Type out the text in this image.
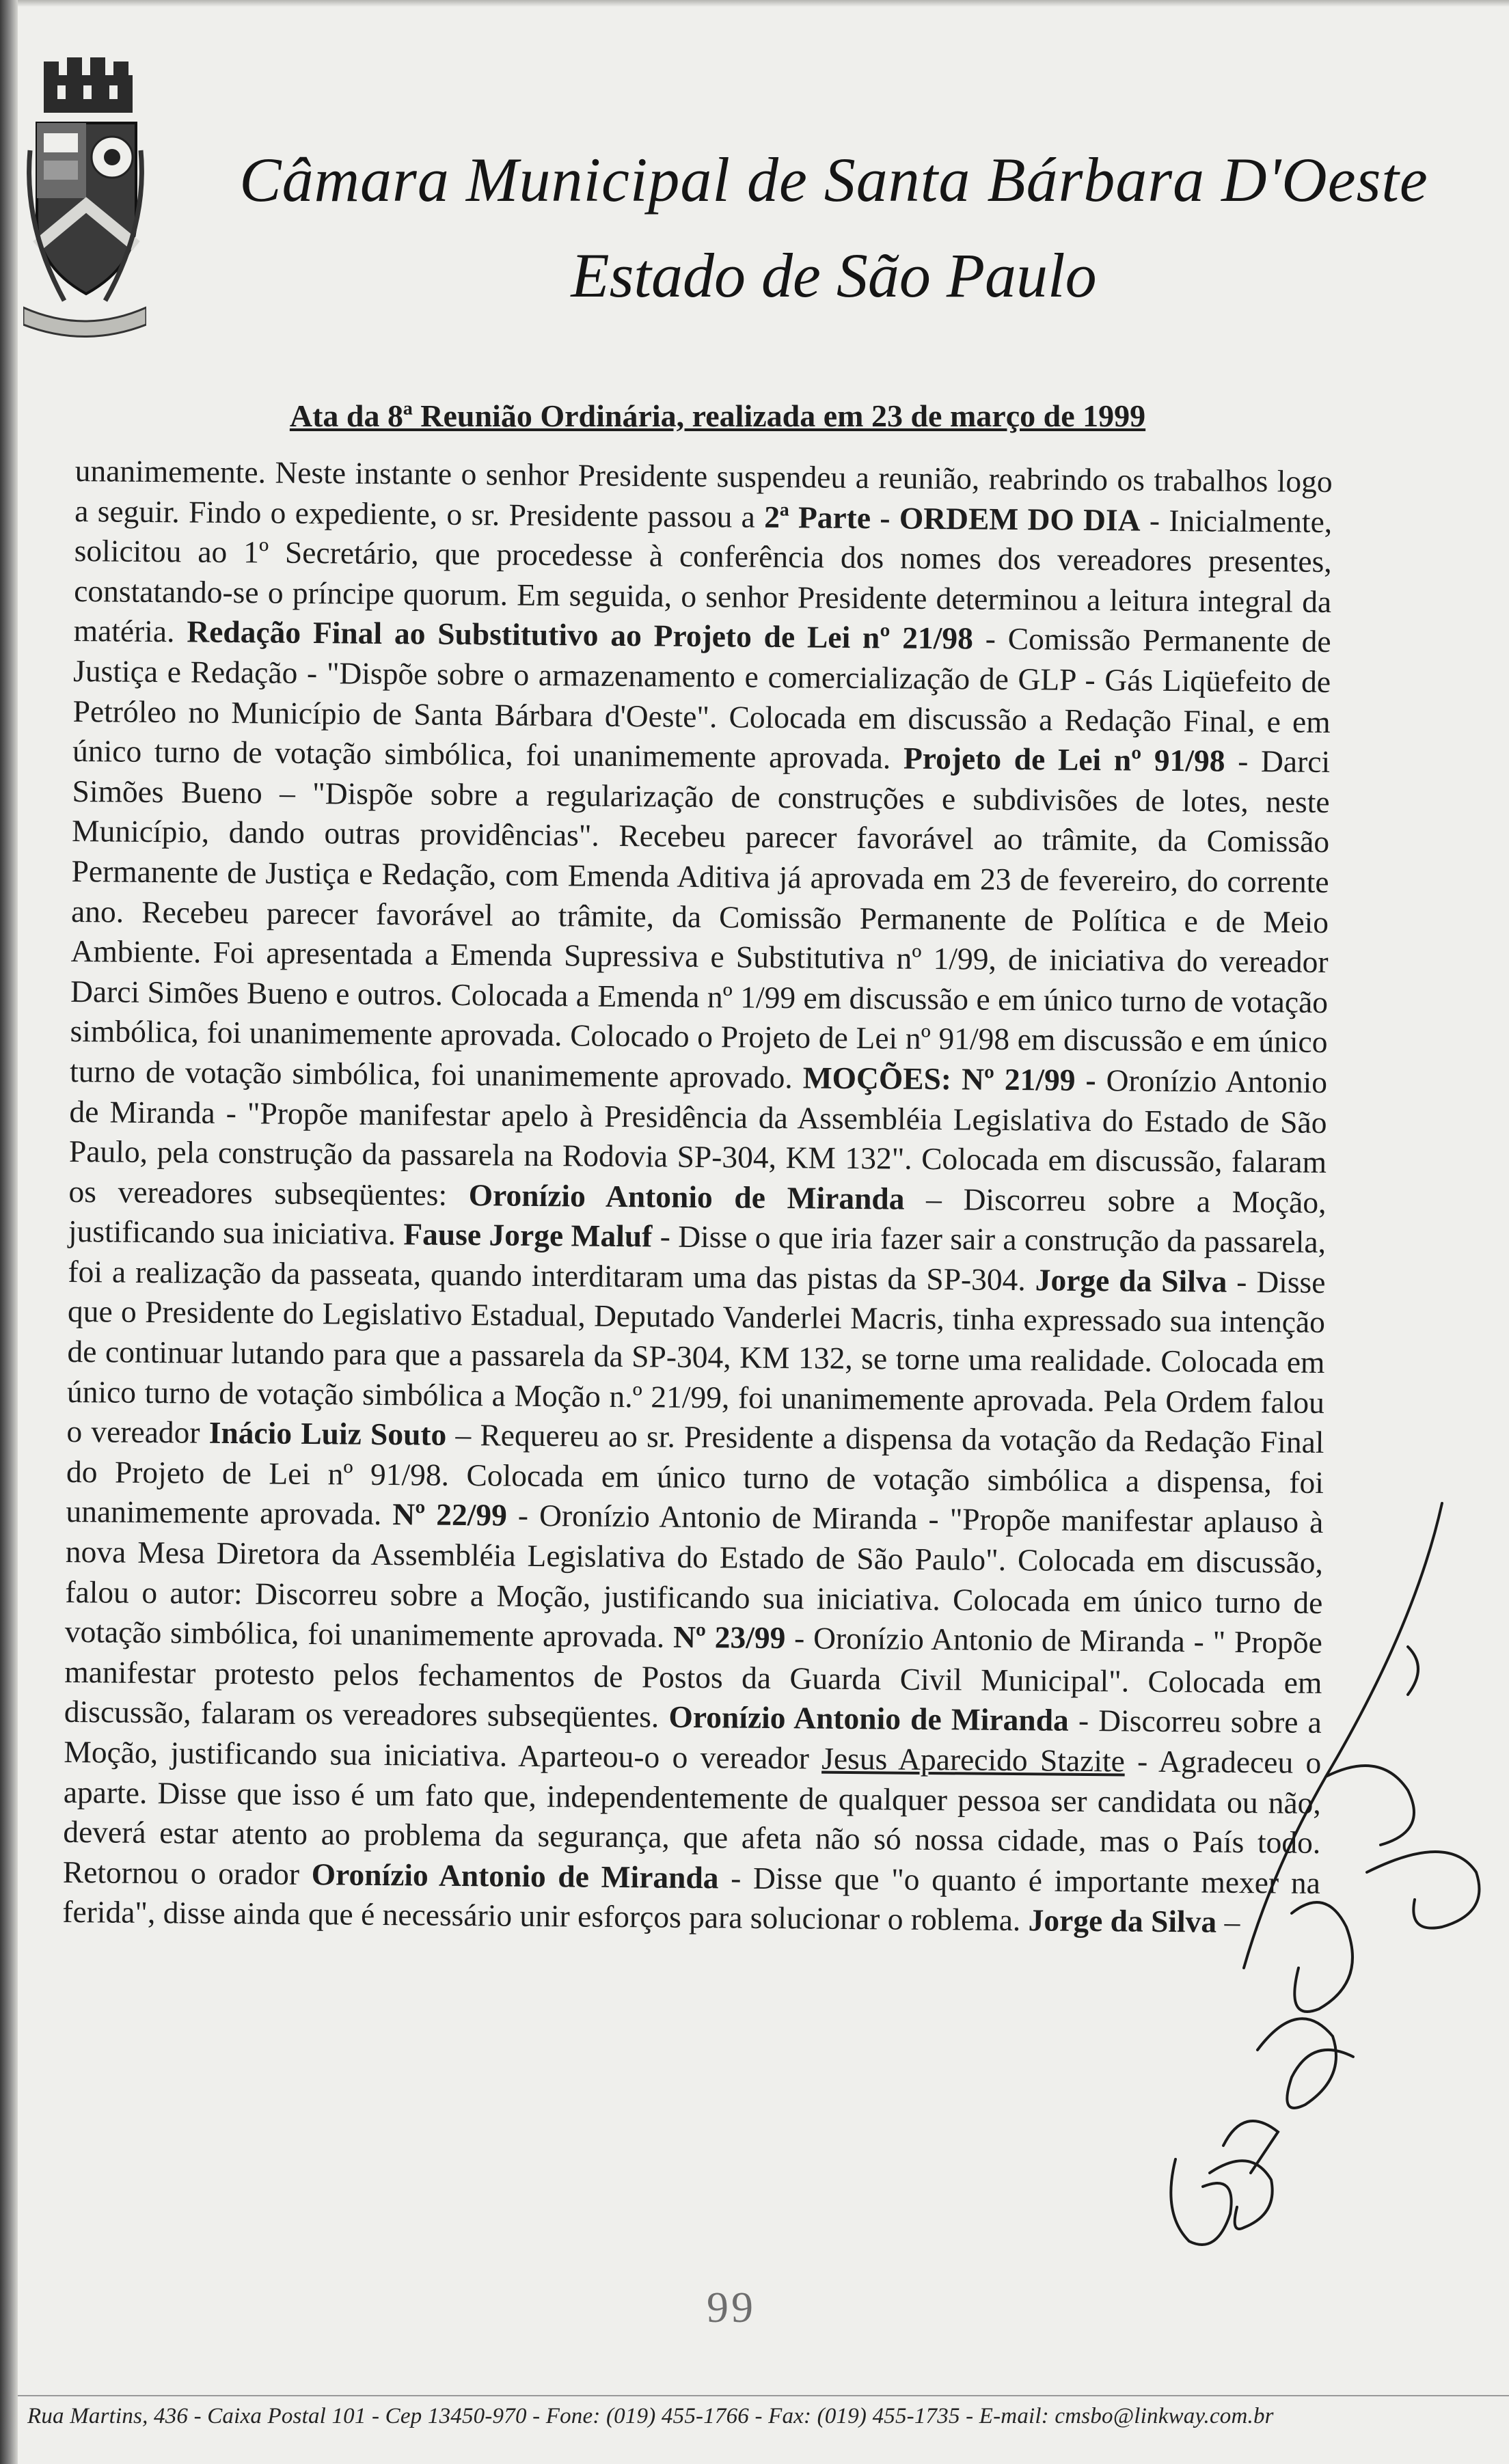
Câmara Municipal de Santa Bárbara D'Oeste
Estado de São Paulo
Ata da 8ª Reunião Ordinária, realizada em 23 de março de 1999

unanimemente. Neste instante o senhor Presidente suspendeu a reunião, reabrindo os trabalhos logo a seguir. Findo o expediente, o sr. Presidente passou a 2ª Parte - ORDEM DO DIA - Inicialmente, solicitou ao 1º Secretário, que procedesse à conferência dos nomes dos vereadores presentes, constatando-se o príncipe quorum. Em seguida, o senhor Presidente determinou a leitura integral da matéria. Redação Final ao Substitutivo ao Projeto de Lei nº 21/98 - Comissão Permanente de Justiça e Redação - "Dispõe sobre o armazenamento e comercialização de GLP - Gás Liqüefeito de Petróleo no Município de Santa Bárbara d'Oeste". Colocada em discussão a Redação Final, e em único turno de votação simbólica, foi unanimemente aprovada. Projeto de Lei nº 91/98 - Darci Simões Bueno – "Dispõe sobre a regularização de construções e subdivisões de lotes, neste Município, dando outras providências". Recebeu parecer favorável ao trâmite, da Comissão Permanente de Justiça e Redação, com Emenda Aditiva já aprovada em 23 de fevereiro, do corrente ano. Recebeu parecer favorável ao trâmite, da Comissão Permanente de Política e de Meio Ambiente. Foi apresentada a Emenda Supressiva e Substitutiva nº 1/99, de iniciativa do vereador Darci Simões Bueno e outros. Colocada a Emenda nº 1/99 em discussão e em único turno de votação simbólica, foi unanimemente aprovada. Colocado o Projeto de Lei nº 91/98 em discussão e em único turno de votação simbólica, foi unanimemente aprovado. MOÇÕES: Nº 21/99 - Oronízio Antonio de Miranda - "Propõe manifestar apelo à Presidência da Assembléia Legislativa do Estado de São Paulo, pela construção da passarela na Rodovia SP-304, KM 132". Colocada em discussão, falaram os vereadores subseqüentes: Oronízio Antonio de Miranda – Discorreu sobre a Moção, justificando sua iniciativa. Fause Jorge Maluf - Disse o que iria fazer sair a construção da passarela, foi a realização da passeata, quando interditaram uma das pistas da SP-304. Jorge da Silva - Disse que o Presidente do Legislativo Estadual, Deputado Vanderlei Macris, tinha expressado sua intenção de continuar lutando para que a passarela da SP-304, KM 132, se torne uma realidade. Colocada em único turno de votação simbólica a Moção n.º 21/99, foi unanimemente aprovada. Pela Ordem falou o vereador Inácio Luiz Souto – Requereu ao sr. Presidente a dispensa da votação da Redação Final do Projeto de Lei nº 91/98. Colocada em único turno de votação simbólica a dispensa, foi unanimemente aprovada. Nº 22/99 - Oronízio Antonio de Miranda - "Propõe manifestar aplauso à nova Mesa Diretora da Assembléia Legislativa do Estado de São Paulo". Colocada em discussão, falou o autor: Discorreu sobre a Moção, justificando sua iniciativa. Colocada em único turno de votação simbólica, foi unanimemente aprovada. Nº 23/99 - Oronízio Antonio de Miranda - " Propõe manifestar protesto pelos fechamentos de Postos da Guarda Civil Municipal". Colocada em discussão, falaram os vereadores subseqüentes. Oronízio Antonio de Miranda - Discorreu sobre a Moção, justificando sua iniciativa. Aparteou-o o vereador Jesus Aparecido Stazite - Agradeceu o aparte. Disse que isso é um fato que, independentemente de qualquer pessoa ser candidata ou não, deverá estar atento ao problema da segurança, que afeta não só nossa cidade, mas o País todo. Retornou o orador Oronízio Antonio de Miranda - Disse que "o quanto é importante mexer na ferida", disse ainda que é necessário unir esforços para solucionar o roblema. Jorge da Silva –

99
Rua Martins, 436 - Caixa Postal 101 - Cep 13450-970 - Fone: (019) 455-1766 - Fax: (019) 455-1735 - E-mail: cmsbo@linkway.com.br
